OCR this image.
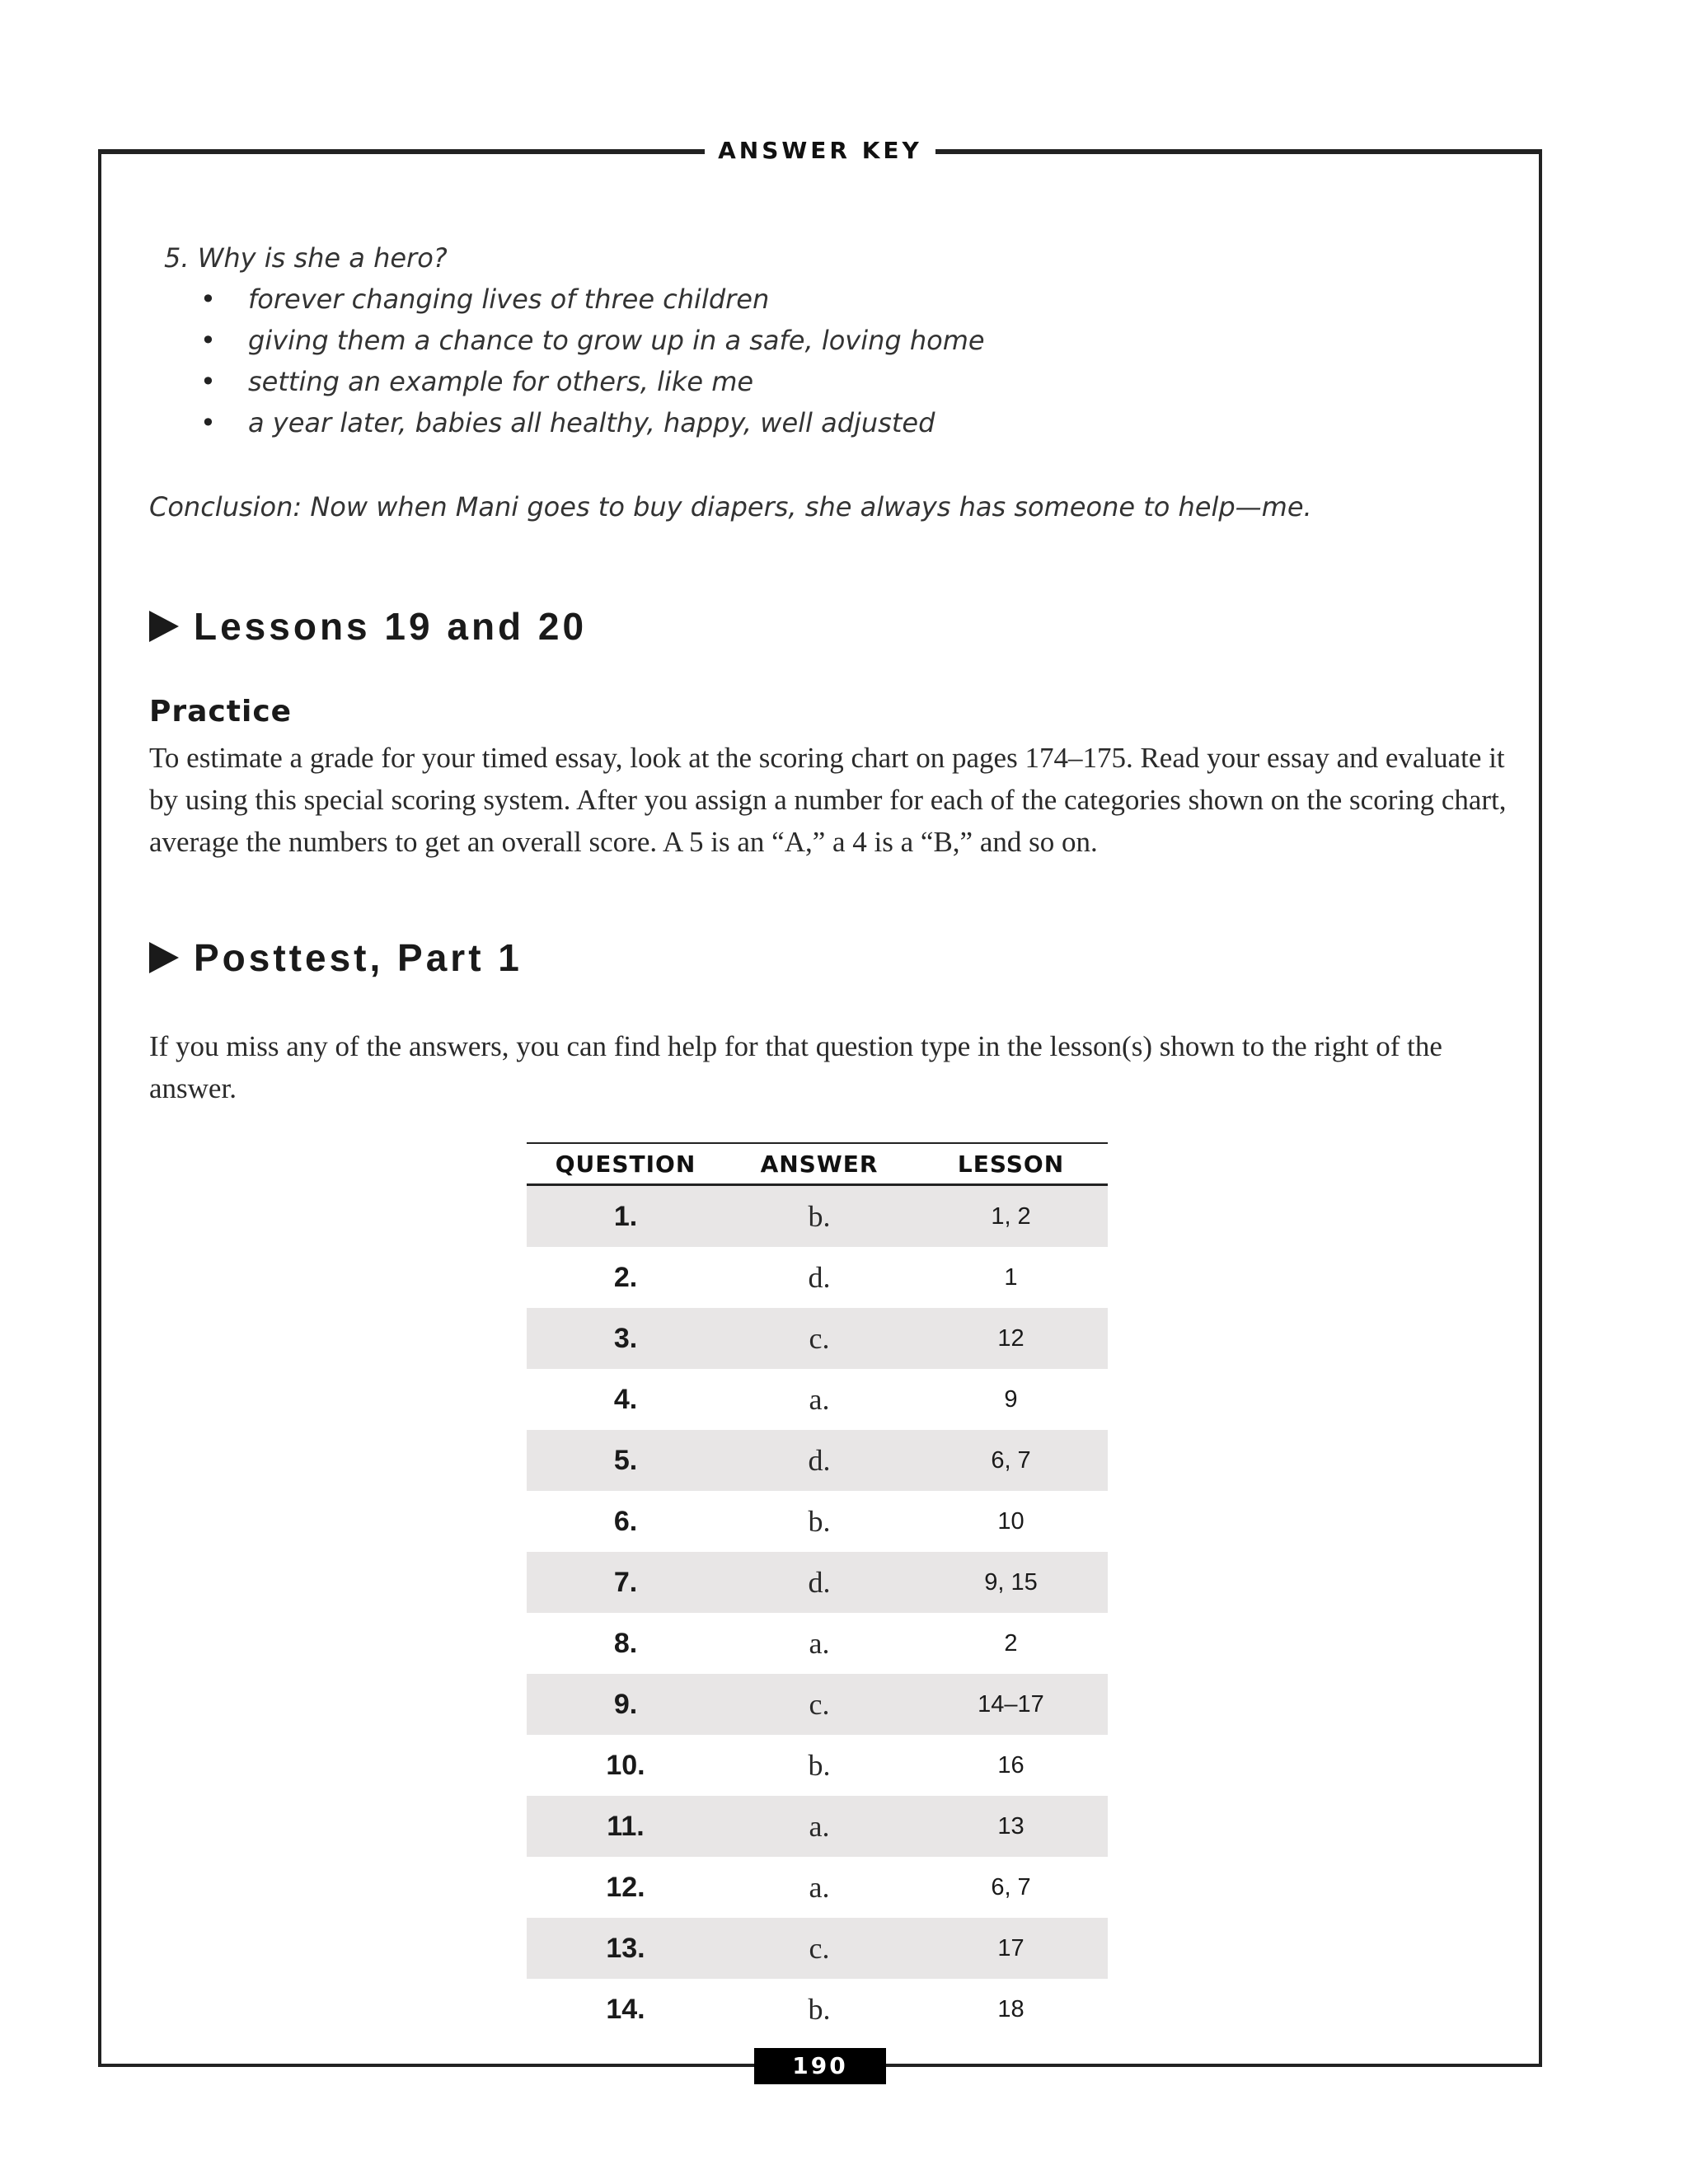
ANSWER KEY
5. Why is she a hero?
• forever changing lives of three children
• giving them a chance to grow up in a safe, loving home
• setting an example for others, like me
• a year later, babies all healthy, happy, well adjusted
Conclusion: Now when Mani goes to buy diapers, she always has someone to help—me.
Lessons 19 and 20
Practice
To estimate a grade for your timed essay, look at the scoring chart on pages 174–175. Read your essay and evaluate it by using this special scoring system. After you assign a number for each of the categories shown on the scoring chart, average the numbers to get an overall score. A 5 is an “A,” a 4 is a “B,” and so on.
Posttest, Part 1
If you miss any of the answers, you can find help for that question type in the lesson(s) shown to the right of the answer.
QUESTION	ANSWER	LESSON
1.	b.	1, 2
2.	d.	1
3.	c.	12
4.	a.	9
5.	d.	6, 7
6.	b.	10
7.	d.	9, 15
8.	a.	2
9.	c.	14–17
10.	b.	16
11.	a.	13
12.	a.	6, 7
13.	c.	17
14.	b.	18
190
